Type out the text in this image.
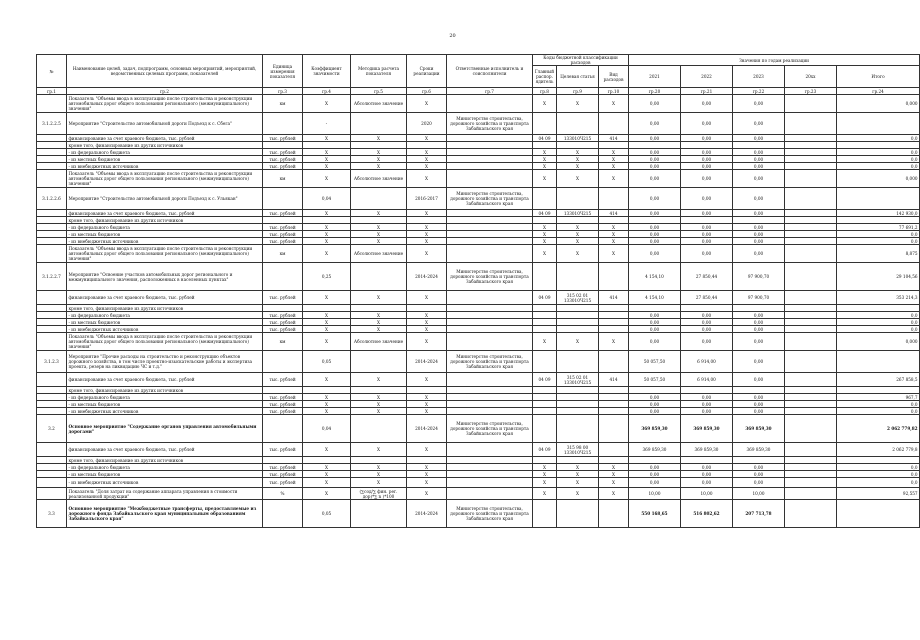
20
№	Наименование целей, задач, подпрограмм, основных мероприятий, мероприятий, ведомственных целевых программ, показателей	Единица измерения показателя	Коэффициент значимости	Методика расчета показателя	Сроки реализации	Ответственные исполнитель и соисполнители	Коды бюджетной классификации расходов			Значения по годам реализации				
							Главный распор. ядитель	Целевая статья	Вид расходов	2021	2022	2023	20хх	Итого
гр.1	гр.2	гр.3	гр.4	гр.5	гр.6	гр.7	гр.8	гр.9	гр.10	гр.20	гр.21	гр.22	гр.23	гр.24
	Показатель "Объемы ввода в эксплуатацию после строительства и реконструкции автомобильных дорог общего пользования регионального (межмуниципального) значения"	км	Х	Абсолютное значение	Х		Х	Х	Х	0,00	0,00	0,00		0,000
3.1.2.2.5	Мероприятие "Строительство автомобильной дороги Подъезд к с. Сбега"		-		2020	Министерство строительства, дорожного хозяйства и транспорта Забайкальского края				0,00	0,00	0,00		
	финансирование за счет краевого бюджета, тыс. рублей	тыс. рублей	Х	Х	Х		04 09	133010Ч215	414	0,00	0,00	0,00		0,0
	кроме того, финансирование из других источников													
	- из федерального бюджета	тыс. рублей	Х	Х	Х		Х	Х	Х	0,00	0,00	0,00		0,0
	- из местных бюджетов	тыс. рублей	Х	Х	Х		Х	Х	Х	0,00	0,00	0,00		0,0
	- из внебюджетных источников	тыс. рублей	Х	Х	Х		Х	Х	Х	0,00	0,00	0,00		0,0
	Показатель "Объемы ввода в эксплуатацию после строительства и реконструкции автомобильных дорог общего пользования регионального (межмуниципального) значения"	км	Х	Абсолютное значение	Х		Х	Х	Х	0,00	0,00	0,00		0,000
3.1.2.2.6	Мероприятие "Строительство автомобильной дороги Подъезд к с. Ульякан"		0,04		2016-2017	Министерство строительства, дорожного хозяйства и транспорта Забайкальского края				0,00	0,00	0,00		
	финансирование за счет краевого бюджета, тыс. рублей	тыс. рублей	Х	Х	Х		04 09	133010Ч215	414	0,00	0,00	0,00		142 930,0
	кроме того, финансирование из других источников													
	- из федерального бюджета	тыс. рублей	Х	Х	Х		Х	Х	Х	0,00	0,00	0,00		77 691,2
	- из местных бюджетов	тыс. рублей	Х	Х	Х		Х	Х	Х	0,00	0,00	0,00		0,0
	- из внебюджетных источников	тыс. рублей	Х	Х	Х		Х	Х	Х	0,00	0,00	0,00		0,0
	Показатель "Объемы ввода в эксплуатацию после строительства и реконструкции автомобильных дорог общего пользования регионального (межмуниципального) значения"	км	Х	Абсолютное значение	Х		Х	Х	Х	0,00	0,00	0,00		8,875
3.1.2.2.7	Мероприятие "Освоение участков автомобильных дорог регионального и межмуниципального значения, расположенных в населенных пунктах"		0,25		2014-2024	Министерство строительства, дорожного хозяйства и транспорта Забайкальского края				4 154,10	27 850,44	97 900,70		29 104,56
	финансирование за счет краевого бюджета, тыс. рублей	тыс. рублей	Х	Х	Х		04 09	315 02 01 133010Ч215	414	4 154,10	27 850,44	97 900,70		353 214,3
	кроме того, финансирование из других источников													
	- из федерального бюджета	тыс. рублей	Х	Х	Х					0,00	0,00	0,00		0,0
	- из местных бюджетов	тыс. рублей	Х	Х	Х					0,00	0,00	0,00		0,0
	- из внебюджетных источников	тыс. рублей	Х	Х	Х					0,00	0,00	0,00		0,0
	Показатель "Объемы ввода в эксплуатацию после строительства и реконструкции автомобильных дорог общего пользования регионального (межмуниципального) значения"	км	Х	Абсолютное значение	Х		Х	Х	Х	0,00	0,00	0,00		0,000
3.1.2.3	Мероприятие "Прочие расходы на строительство и реконструкцию объектов дорожного хозяйства, в том числе проектно-изыскательские работы и экспертиза проекта, резерв на ликвидацию ЧС и т.д."		0,05		2014-2024	Министерство строительства, дорожного хозяйства и транспорта Забайкальского края				50 057,50	6 914,00	0,00		
	финансирование за счет краевого бюджета, тыс. рублей	тыс. рублей	Х	Х	Х		04 09	315 02 01 133010Ч215	414	50 057,50	6 914,00	0,00		267 858,5
	кроме того, финансирование из других источников													
	- из федерального бюджета	тыс. рублей	Х	Х	Х					0,00	0,00	0,00		967,7
	- из местных бюджетов	тыс. рублей	Х	Х	Х					0,00	0,00	0,00		0,0
	- из внебюджетных источников	тыс. рублей	Х	Х	Х					0,00	0,00	0,00		0,0
3.2	Основное мероприятие "Содержание органов управления автомобильными дорогами"		0,04		2014-2024	Министерство строительства, дорожного хозяйства и транспорта Забайкальского края				369 859,30	369 859,30	369 859,30		2 062 779,82
	финансирование за счет краевого бюджета, тыс. рублей	тыс. рублей	Х	Х	Х		04 09	315 98 00 133010Ч215		369 859,30	369 859,30	369 859,30		2 062 779,8
	кроме того, финансирование из других источников													
	- из федерального бюджета	тыс. рублей	Х	Х	Х		Х	Х	Х	0,00	0,00	0,00		0,0
	- из местных бюджетов	тыс. рублей	Х	Х	Х		Х	Х	Х	0,00	0,00	0,00		0,0
	- из внебюджетных источников	тыс. рублей	Х	Х	Х		Х	Х	Х	0,00	0,00	0,00		0,0
	Показатель "Доля затрат на содержание аппарата управления в стоимости реализованной продукции"	%	Х	(∑сод/∑ фин. рег. дор)*∑ n )*100	Х		Х	Х	Х	10,00	10,00	10,00		92,557
3.3	Основное мероприятие "Межбюджетные трансферты, предоставляемые из дорожного фонда Забайкальского края муниципальным образованиям Забайкальского края"		0,05		2014-2024	Министерство строительства, дорожного хозяйства и транспорта Забайкальского края				550 168,65	516 802,62	207 713,78		
